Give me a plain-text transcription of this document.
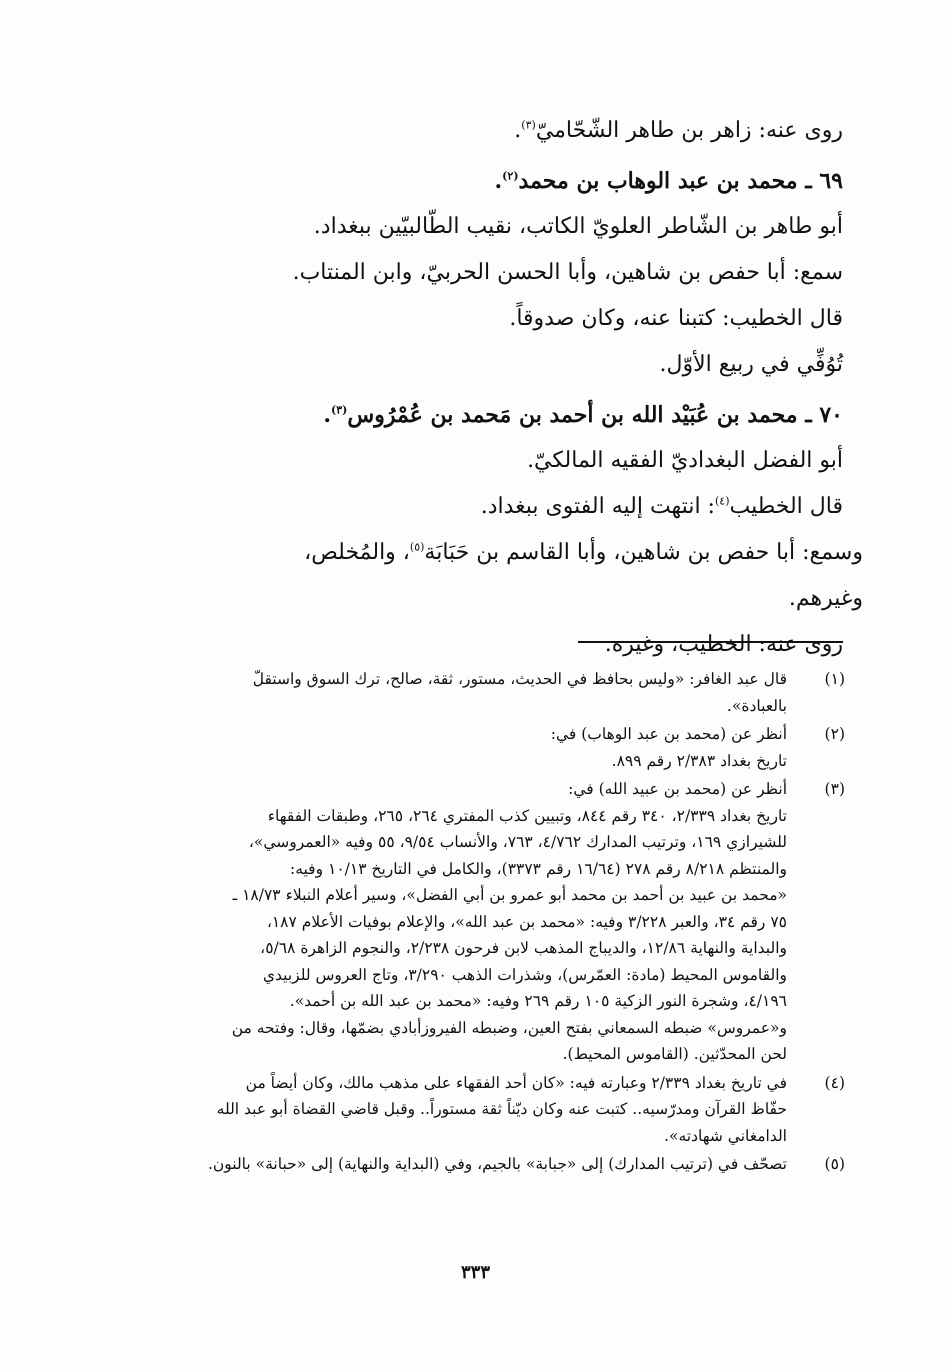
روى عنه: زاهر بن طاهر الشّحّاميّ$^{(٣)}$.

٦٩ ـ محمد بن عبد الوهاب بن محمد$^{(٢)}$.

أبو طاهر بن الشّاطر العلويّ الكاتب، نقيب الطّالبيّين ببغداد.

سمع: أبا حفص بن شاهين، وأبا الحسن الحربيّ، وابن المنتاب.

قال الخطيب: كتبنا عنه، وكان صدوقاً.

تُوُفِّي في ربيع الأوّل.

٧٠ ـ محمد بن عُبَيْد الله بن أحمد بن مَحمد بن عُمْرُوس$^{(٣)}$.

أبو الفضل البغداديّ الفقيه المالكيّ.

قال الخطيب$^{(٤)}$: انتهت إليه الفتوى ببغداد.

وسمع: أبا حفص بن شاهين، وأبا القاسم بن حَبَابَة$^{(٥)}$، والمُخلص،

وغيرهم.

روى عنه: الخطيب، وغيره.

(١)

قال عبد الغافر: «وليس بحافظ في الحديث، مستور، ثقة، صالح، ترك السوق واستقلّ

بالعبادة».

(٢)

أنظر عن (محمد بن عبد الوهاب) في:

تاريخ بغداد ٢/٣٨٣ رقم ٨٩٩.

(٣)

أنظر عن (محمد بن عبيد الله) في:

تاريخ بغداد ٢/٣٣٩، ٣٤٠ رقم ٨٤٤، وتبيين كذب المفتري ٢٦٤، ٢٦٥، وطبقات الفقهاء

للشيرازي ١٦٩، وترتيب المدارك ٤/٧٦٢، ٧٦٣، والأنساب ٩/٥٤، ٥٥ وفيه «العمروسي»،

والمنتظم ٨/٢١٨ رقم ٢٧٨ (١٦/٦٤ رقم ٣٣٧٣)، والكامل في التاريخ ١٠/١٣ وفيه:

«محمد بن عبيد بن أحمد بن محمد أبو عمرو بن أبي الفضل»، وسير أعلام النبلاء ١٨/٧٣ ـ

٧٥ رقم ٣٤، والعبر ٣/٢٢٨ وفيه: «محمد بن عبد الله»، والإعلام بوفيات الأعلام ١٨٧،

والبداية والنهاية ١٢/٨٦، والديباج المذهب لابن فرحون ٢/٢٣٨، والنجوم الزاهرة ٥/٦٨،

والقاموس المحيط (مادة: العمّرس)، وشذرات الذهب ٣/٢٩٠، وتاج العروس للزبيدي

٤/١٩٦، وشجرة النور الزكية ١٠٥ رقم ٢٦٩ وفيه: «محمد بن عبد الله بن أحمد».

و«عمروس» ضبطه السمعاني بفتح العين، وضبطه الفيروزأبادي بضمّها، وقال: وفتحه من

لحن المحدّثين. (القاموس المحيط).

(٤)

في تاريخ بغداد ٢/٣٣٩ وعبارته فيه: «كان أحد الفقهاء على مذهب مالك، وكان أيضاً من

حفّاظ القرآن ومدرّسيه.. كتبت عنه وكان ديّناً ثقة مستوراً.. وقبل قاضي القضاة أبو عبد الله

الدامغاني شهادته».

(٥)

تصحّف في (ترتيب المدارك) إلى «جبابة» بالجيم، وفي (البداية والنهاية) إلى «حبانة» بالنون.

٣٣٣
